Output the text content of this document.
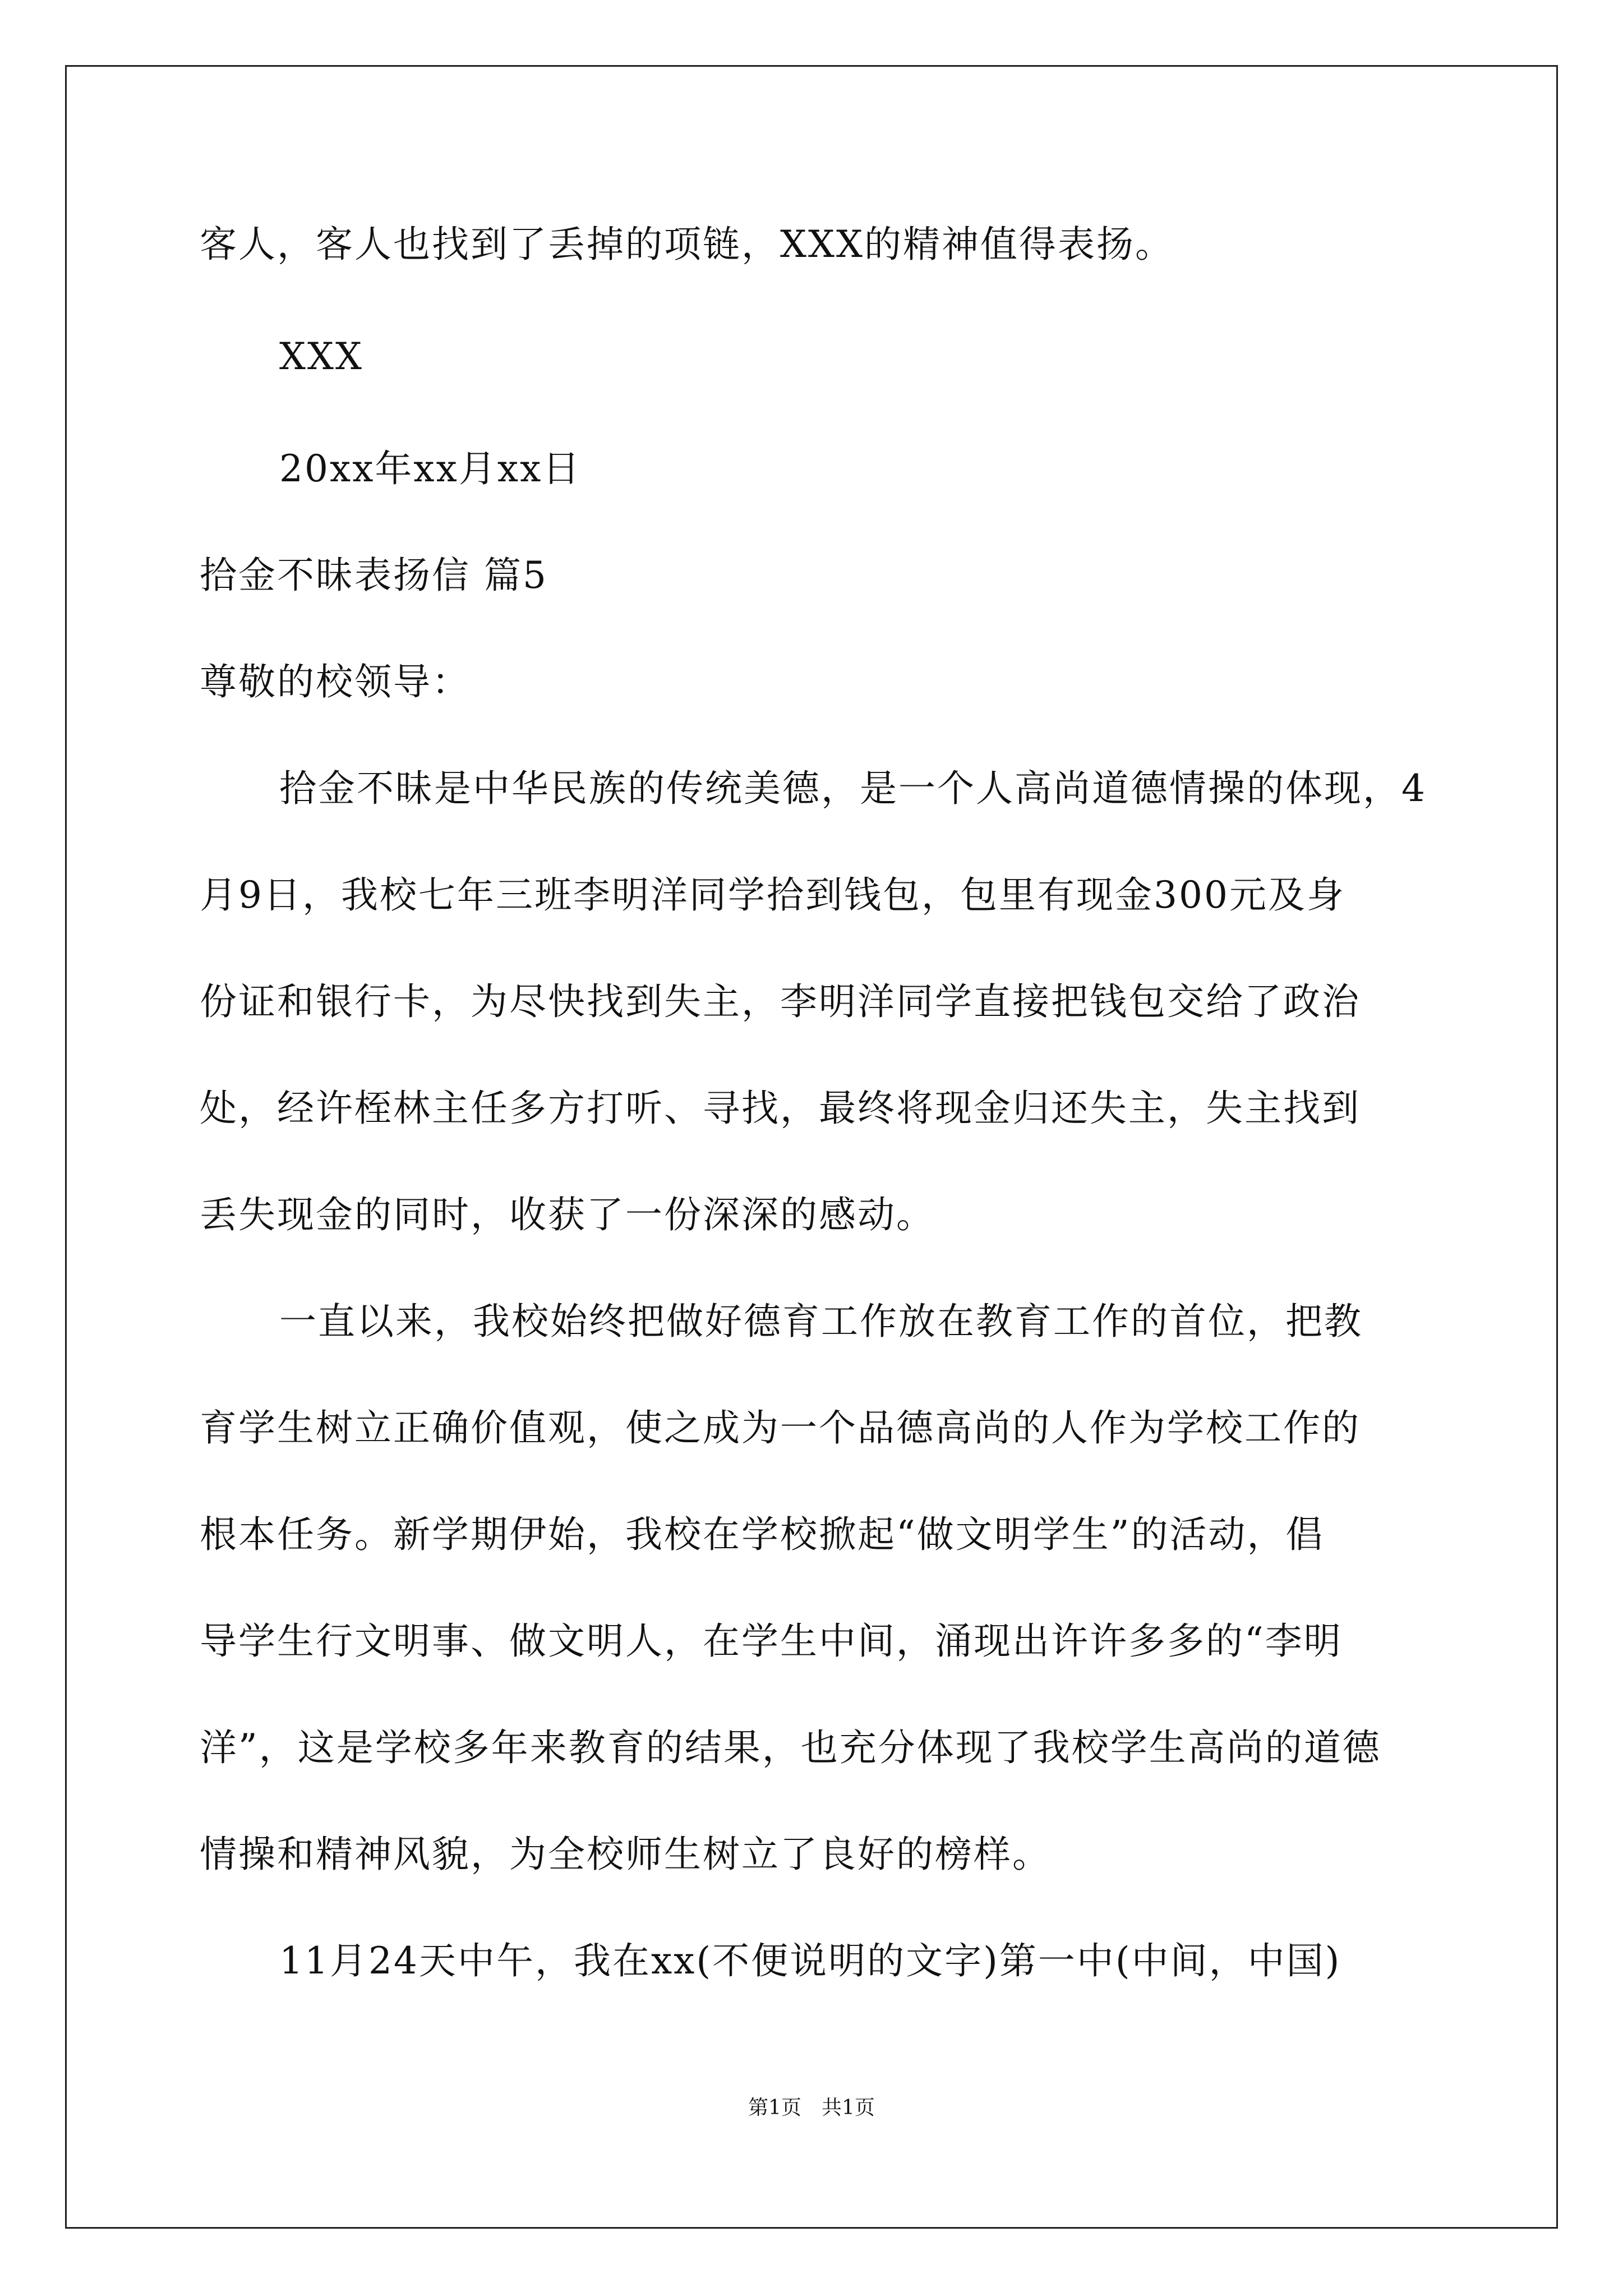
客人，客人也找到了丢掉的项链，XXX的精神值得表扬。
XXX
20xx年xx月xx日
拾金不昧表扬信 篇5
尊敬的校领导：
拾金不昧是中华民族的传统美德，是一个人高尚道德情操的体现，4
月9日，我校七年三班李明洋同学拾到钱包，包里有现金300元及身
份证和银行卡，为尽快找到失主，李明洋同学直接把钱包交给了政治
处，经许桎林主任多方打听、寻找，最终将现金归还失主，失主找到
丢失现金的同时，收获了一份深深的感动。
一直以来，我校始终把做好德育工作放在教育工作的首位，把教
育学生树立正确价值观，使之成为一个品德高尚的人作为学校工作的
根本任务。新学期伊始，我校在学校掀起“做文明学生”的活动，倡
导学生行文明事、做文明人，在学生中间，涌现出许许多多的“李明
洋”，这是学校多年来教育的结果，也充分体现了我校学生高尚的道德
情操和精神风貌，为全校师生树立了良好的榜样。
11月24天中午，我在xx(不便说明的文字)第一中(中间，中国)
第1页　共1页
